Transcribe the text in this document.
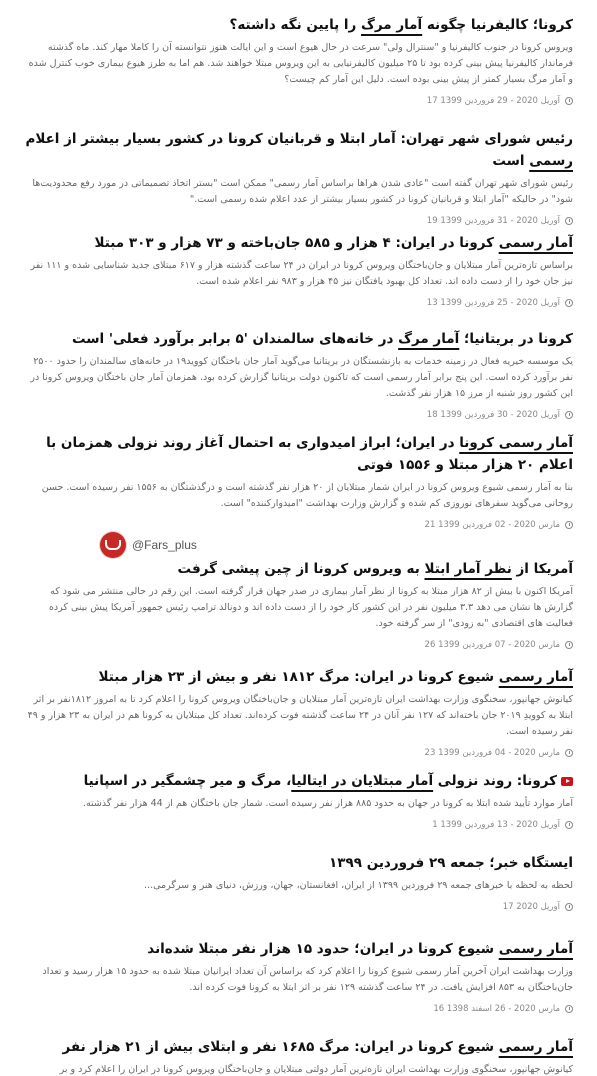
کرونا؛ کالیفرنیا چگونه آمار مرگ را پایین نگه داشته؟

ویروس کرونا در جنوب کالیفرنیا و "سنترال ولی" سرعت در حال هیوع است و این ایالت هنوز نتوانسته آن را کاملا مهار کند. ماه گذشته فرماندار کالیفرنیا پیش بینی کرده بود تا ۲۵ میلیون کالیفرنیایی به این ویروس مبتلا خواهند شد. هم اما به طرز هیوع بیماری خوب کنترل شده و آمار مرگ بسیار کمتر از پیش بینی بوده است. دلیل این آمار کم چیست؟

17 آوریل 2020 - 29 فروردین 1399
رئیس شورای شهر تهران: آمار ابتلا و قربانیان کرونا در کشور بسیار بیشتر از اعلام رسمی است

رئیس شورای شهر تهران گفته است "عادی شدن هراها براساس آمار رسمی" ممکن است "بستر اتخاذ تصمیماتی در مورد رفع محدودیت‌ها شود" در حالیکه "آمار ابتلا و قربانیان کرونا در کشور بسیار بیشتر از عدد اعلام شده رسمی است."

19 آوریل 2020 - 31 فروردین 1399
آمار رسمی کرونا در ایران: ۴ هزار و ۵۸۵ جان‌باخته و ۷۳ هزار و ۳۰۳ مبتلا

براساس تازه‌ترین آمار مبتلایان و جان‌باختگان ویروس کرونا در ایران در ۲۴ ساعت گذشته هزار و ۶۱۷ مبتلای جدید شناسایی شده و ۱۱۱ نفر نیز جان خود را از دست داده اند. تعداد کل بهبود یافتگان نیز ۴۵ هزار و ۹۸۳ نفر اعلام شده است.

13 آوریل 2020 - 25 فروردین 1399
کرونا در بریتانیا؛ آمار مرگ در خانه‌های سالمندان '۵ برابر برآورد فعلی' است

یک موسسه خیریه فعال در زمینه خدمات به بازنشستگان در بریتانیا می‌گوید آمار جان باختگان کووید۱۹ در خانه‌های سالمندان را حدود ۲۵۰۰ نفر برآورد کرده است. این پنج برابر آمار رسمی است که تاکنون دولت بریتانیا گزارش کرده بود. همزمان آمار جان باختگان ویروس کرونا در این کشور روز شنبه از مرز ۱۵ هزار نفر گذشت.

18 آوریل 2020 - 30 فروردین 1399
آمار رسمی کرونا در ایران؛ ابراز امیدواری به احتمال آغاز روند نزولی همزمان با اعلام ۲۰ هزار مبتلا و ۱۵۵۶ فوتی

بنا به آمار رسمی شیوع ویروس کرونا در ایران شمار مبتلایان از ۲۰ هزار نفر گذشته است و درگذشتگان به ۱۵۵۶ نفر رسیده است. حسن روحانی می‌گوید سفرهای نوروزی کم شده و گزارش وزارت بهداشت "امیدوارکننده" است.

21 مارس 2020 - 02 فروردین 1399
@Fars_plus
آمریکا از نظر آمار ابتلا به ویروس کرونا از چین پیشی گرفت

آمریکا اکنون با بیش از ۸۲ هزار مبتلا به کرونا از نظر آمار بیماری در صدر جهان قرار گرفته است. این رقم در حالی منتشر می شود که گزارش ها نشان می دهد ۳.۳ میلیون نفر در این کشور کار خود را از دست داده اند و دونالد ترامپ رئیس جمهور آمریکا پیش بینی کرده فعالیت های اقتصادی "به زودی" از سر گرفته خود.

26 مارس 2020 - 07 فروردین 1399
آمار رسمی شیوع کرونا در ایران: مرگ ۱۸۱۲ نفر و بیش از ۲۳ هزار مبتلا

کیانوش جهانپور، سخنگوی وزارت بهداشت ایران تازه‌ترین آمار مبتلایان و جان‌باختگان ویروس کرونا را اعلام کرد تا به امروز ۱۸۱۲نفر بر اثر ابتلا به کوویدِ ۲۰۱۹ جان باخته‌اند که ۱۲۷ نفر آنان در ۲۴ ساعت گذشته فوت کرده‌اند. تعداد کل مبتلایان به کرونا هم در ایران به ۲۳ هزار و ۴۹ نفر رسیده است.

23 مارس 2020 - 04 فروردین 1399
کرونا: روند نزولی آمار مبتلایان در ایتالیا، مرگ و میر چشمگیر در اسپانیا

آمار موارد تأیید شده ابتلا به کرونا در جهان به حدود ۸۸۵ هزار نفر رسیده است. شمار جان باختگان هم از 44 هزار نفر گذشته.

1 آوریل 2020 - 13 فروردین 1399
ایستگاه خبر؛ جمعه ۲۹ فروردین ۱۳۹۹

لحظه به لحظه با خبرهای جمعه ۲۹ فروردین ۱۳۹۹ از ایران، افغانستان، جهان، ورزش، دنیای هنر و سرگرمی...

17 آوریل 2020
آمار رسمی شیوع کرونا در ایران؛ حدود ۱۵ هزار نفر مبتلا شده‌اند

وزارت بهداشت ایران آخرین آمار رسمی شیوع کرونا را اعلام کرد که براساس آن تعداد ایرانیان مبتلا شده به حدود ۱۵ هزار رسید و تعداد جان‌باختگان به ۸۵۳ افزایش یافت. در ۲۴ ساعت گذشته ۱۲۹ نفر بر اثر ابتلا به کرونا فوت کرده اند.

16 مارس 2020 - 26 اسفند 1398
آمار رسمی شیوع کرونا در ایران: مرگ ۱۶۸۵ نفر و ابتلای بیش از ۲۱ هزار نفر

کیانوش جهانپور، سخنگوی وزارت بهداشت ایران تازه‌ترین آمار دولتی مبتلایان و جان‌باختگان ویروس کرونا در ایران را اعلام کرد و بر
